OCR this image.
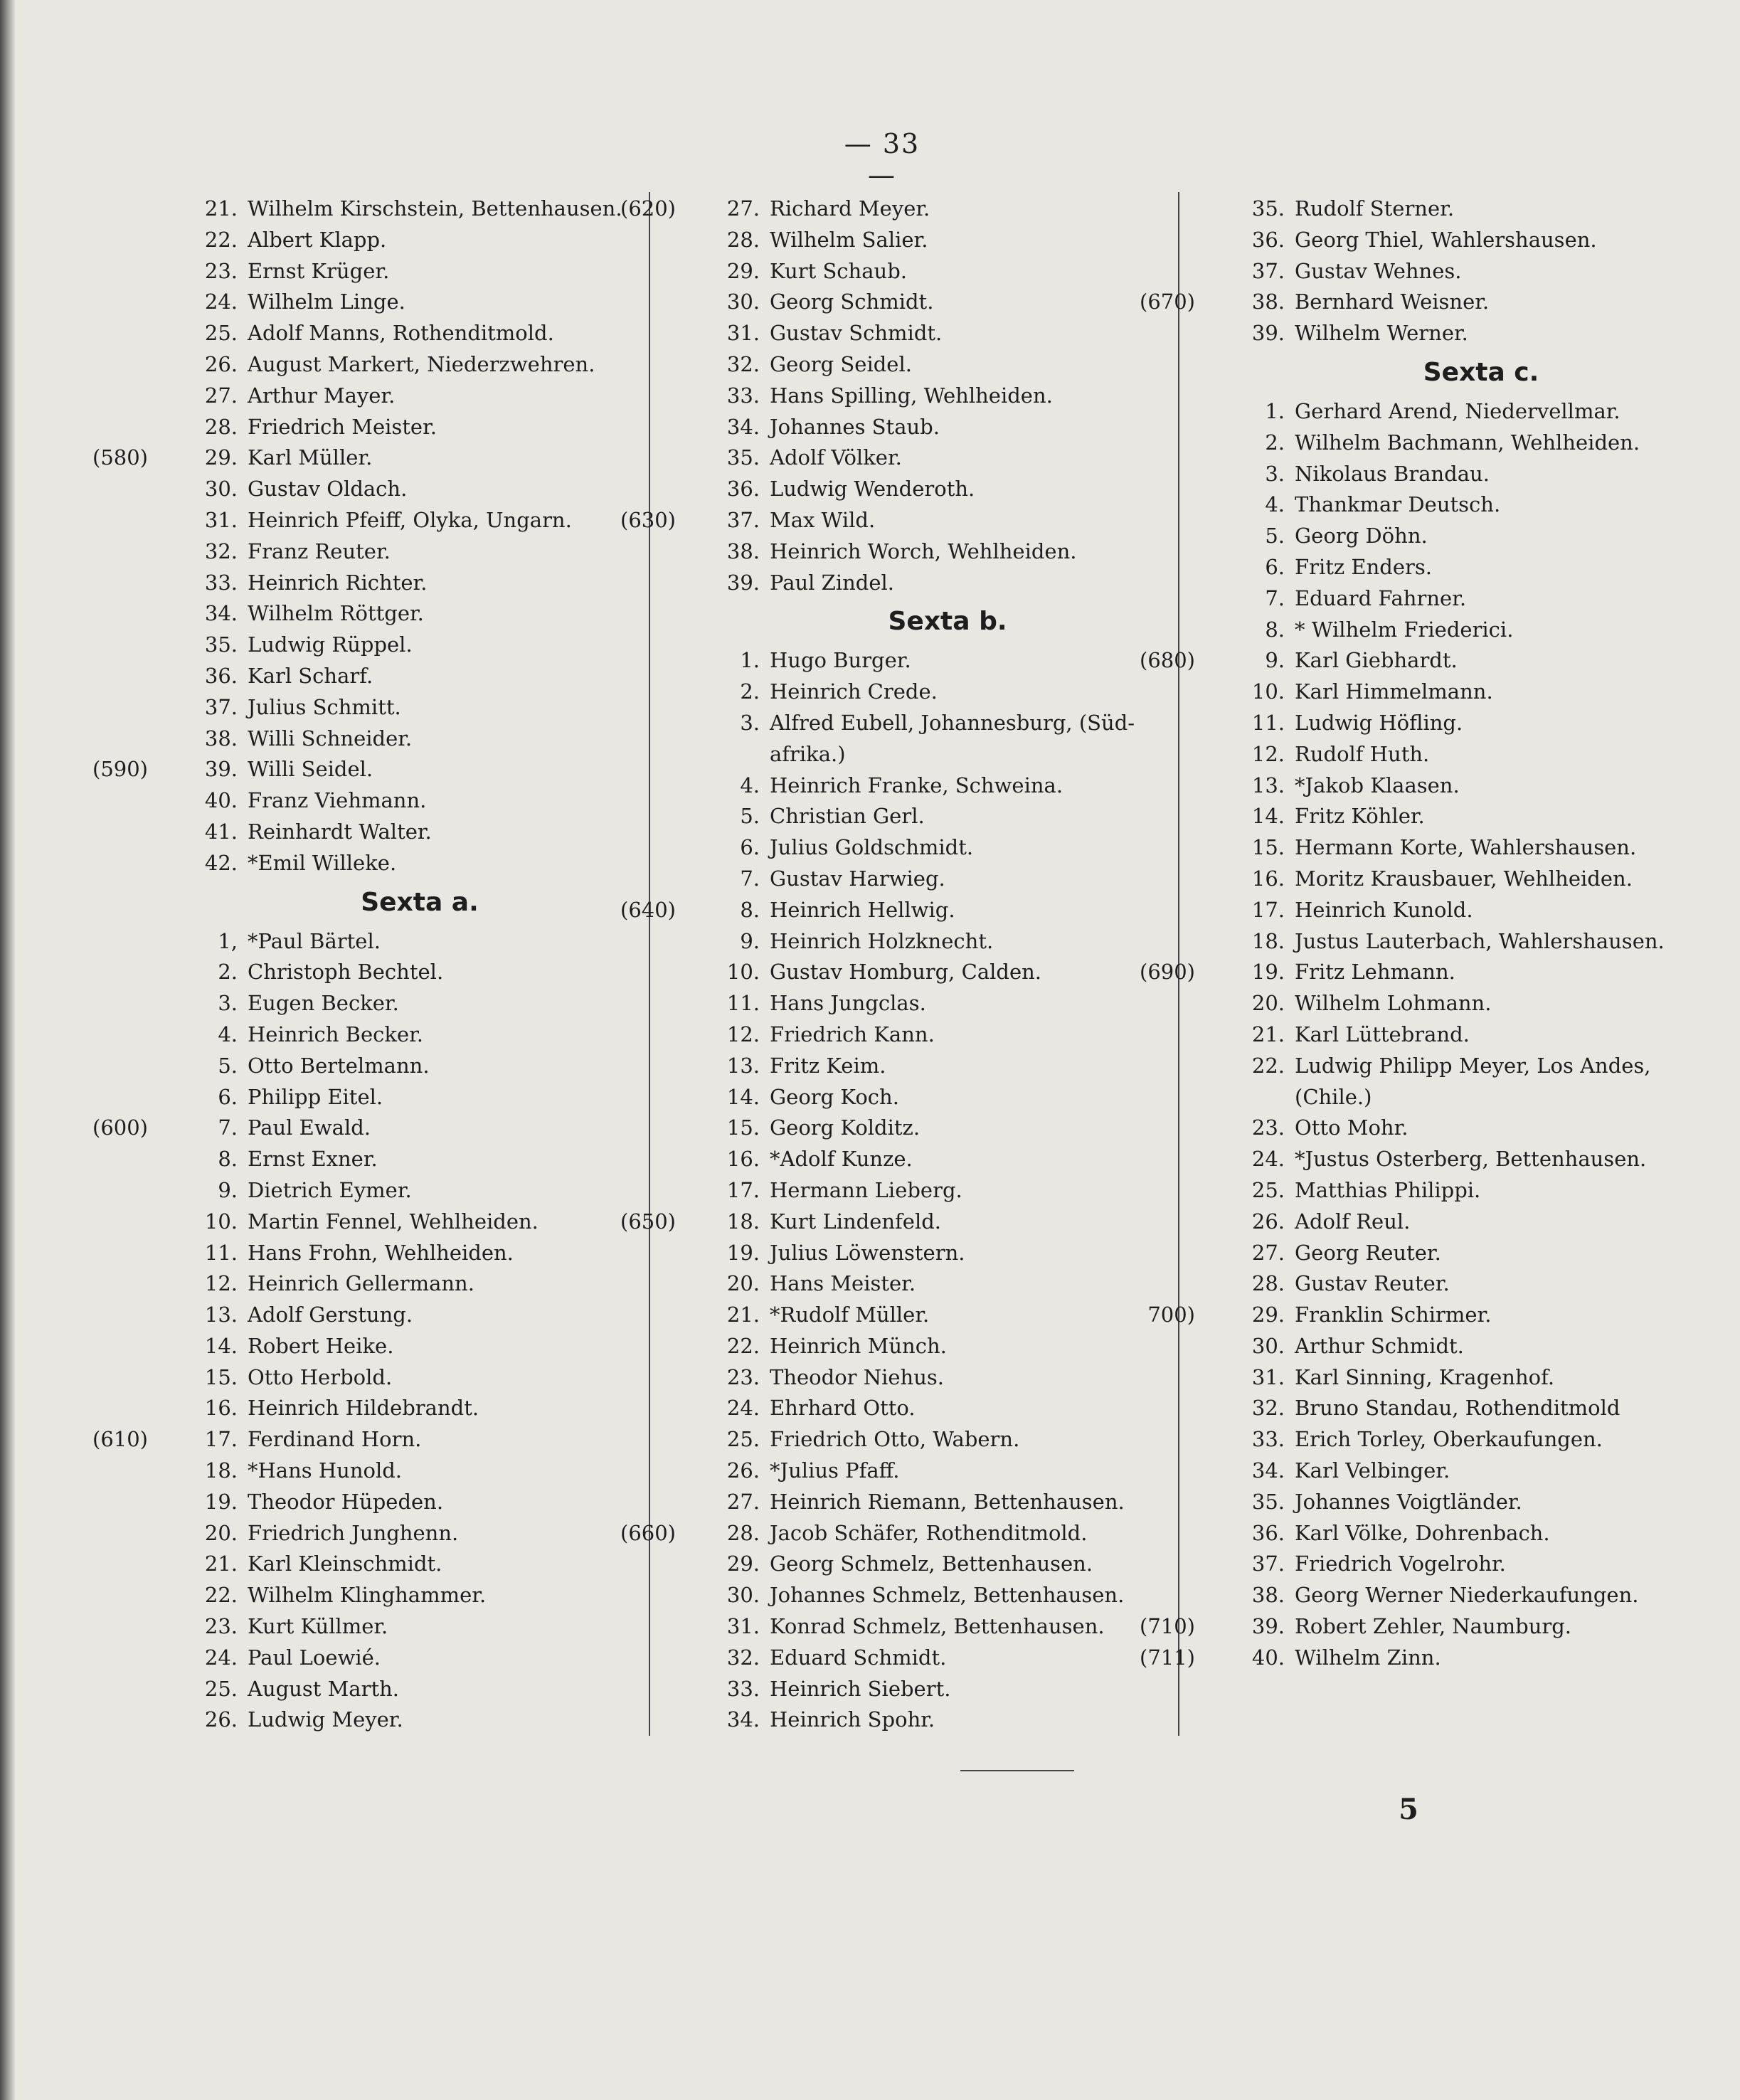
— 33 —
21. Wilhelm Kirschstein, Bettenhausen.
22. Albert Klapp.
23. Ernst Krüger.
24. Wilhelm Linge.
25. Adolf Manns, Rothenditmold.
26. August Markert, Niederzwehren.
27. Arthur Mayer.
28. Friedrich Meister.
(580)	29. Karl Müller.
30. Gustav Oldach.
31. Heinrich Pfeiff, Olyka, Ungarn.
32. Franz Reuter.
33. Heinrich Richter.
34. Wilhelm Röttger.
35. Ludwig Rüppel.
36. Karl Scharf.
37. Julius Schmitt.
38. Willi Schneider.
(590)	39. Willi Seidel.
40. Franz Viehmann.
41. Reinhardt Walter.
42. *Emil Willeke.
Sexta a.
1, *Paul Bärtel.
2. Christoph Bechtel.
3. Eugen Becker.
4. Heinrich Becker.
5. Otto Bertelmann.
6. Philipp Eitel.
(600)	7. Paul Ewald.
8. Ernst Exner.
9. Dietrich Eymer.
10. Martin Fennel, Wehlheiden.
11. Hans Frohn, Wehlheiden.
12. Heinrich Gellermann.
13. Adolf Gerstung.
14. Robert Heike.
15. Otto Herbold.
16. Heinrich Hildebrandt.
(610)	17. Ferdinand Horn.
18. *Hans Hunold.
19. Theodor Hüpeden.
20. Friedrich Junghenn.
21. Karl Kleinschmidt.
22. Wilhelm Klinghammer.
23. Kurt Küllmer.
24. Paul Loewié.
25. August Marth.
26. Ludwig Meyer.
(620) 27. Richard Meyer.
28. Wilhelm Salier.
29. Kurt Schaub.
30. Georg Schmidt.
31. Gustav Schmidt.
32. Georg Seidel.
33. Hans Spilling, Wehlheiden.
34. Johannes Staub.
35. Adolf Völker.
36. Ludwig Wenderoth.
(630) 37. Max Wild.
38. Heinrich Worch, Wehlheiden.
39. Paul Zindel.
Sexta b.
1. Hugo Burger.
2. Heinrich Crede.
3. Alfred Eubell, Johannesburg, (Süd-
afrika.)
4. Heinrich Franke, Schweina.
5. Christian Gerl.
6. Julius Goldschmidt.
7. Gustav Harwieg.
(640)	8. Heinrich Hellwig.
9. Heinrich Holzknecht.
10. Gustav Homburg, Calden.
11. Hans Jungclas.
12. Friedrich Kann.
13. Fritz Keim.
14. Georg Koch.
15. Georg Kolditz.
16. *Adolf Kunze.
17. Hermann Lieberg.
(650) 18. Kurt Lindenfeld.
19. Julius Löwenstern.
20. Hans Meister.
21. *Rudolf Müller.
22. Heinrich Münch.
23. Theodor Niehus.
24. Ehrhard Otto.
25. Friedrich Otto, Wabern.
26. *Julius Pfaff.
27. Heinrich Riemann, Bettenhausen.
(660) 28. Jacob Schäfer, Rothenditmold.
29. Georg Schmelz, Bettenhausen.
30. Johannes Schmelz, Bettenhausen.
31. Konrad Schmelz, Bettenhausen.
32. Eduard Schmidt.
33. Heinrich Siebert.
34. Heinrich Spohr.
35. Rudolf Sterner.
36. Georg Thiel, Wahlershausen.
37. Gustav Wehnes.
(670)	38. Bernhard Weisner.
39. Wilhelm Werner.
Sexta c.
1. Gerhard Arend, Niedervellmar.
2. Wilhelm Bachmann, Wehlheiden.
3. Nikolaus Brandau.
4. Thankmar Deutsch.
5. Georg Döhn.
6. Fritz Enders.
7. Eduard Fahrner.
8. * Wilhelm Friederici.
(680)	9. Karl Giebhardt.
10. Karl Himmelmann.
11. Ludwig Höfling.
12. Rudolf Huth.
13. *Jakob Klaasen.
14. Fritz Köhler.
15. Hermann Korte, Wahlershausen.
16. Moritz Krausbauer, Wehlheiden.
17. Heinrich Kunold.
18. Justus Lauterbach, Wahlershausen.
(690)	19. Fritz Lehmann.
20. Wilhelm Lohmann.
21. Karl Lüttebrand.
22. Ludwig Philipp Meyer, Los Andes,
(Chile.)
23. Otto Mohr.
24. *Justus Osterberg, Bettenhausen.
25. Matthias Philippi.
26. Adolf Reul.
27. Georg Reuter.
28. Gustav Reuter.
700)	29. Franklin Schirmer.
30. Arthur Schmidt.
31. Karl Sinning, Kragenhof.
32. Bruno Standau, Rothenditmold
33. Erich Torley, Oberkaufungen.
34. Karl Velbinger.
35. Johannes Voigtländer.
36. Karl Völke, Dohrenbach.
37. Friedrich Vogelrohr.
38. Georg Werner Niederkaufungen.
(710)	39. Robert Zehler, Naumburg.
(711)	40. Wilhelm Zinn.
5
